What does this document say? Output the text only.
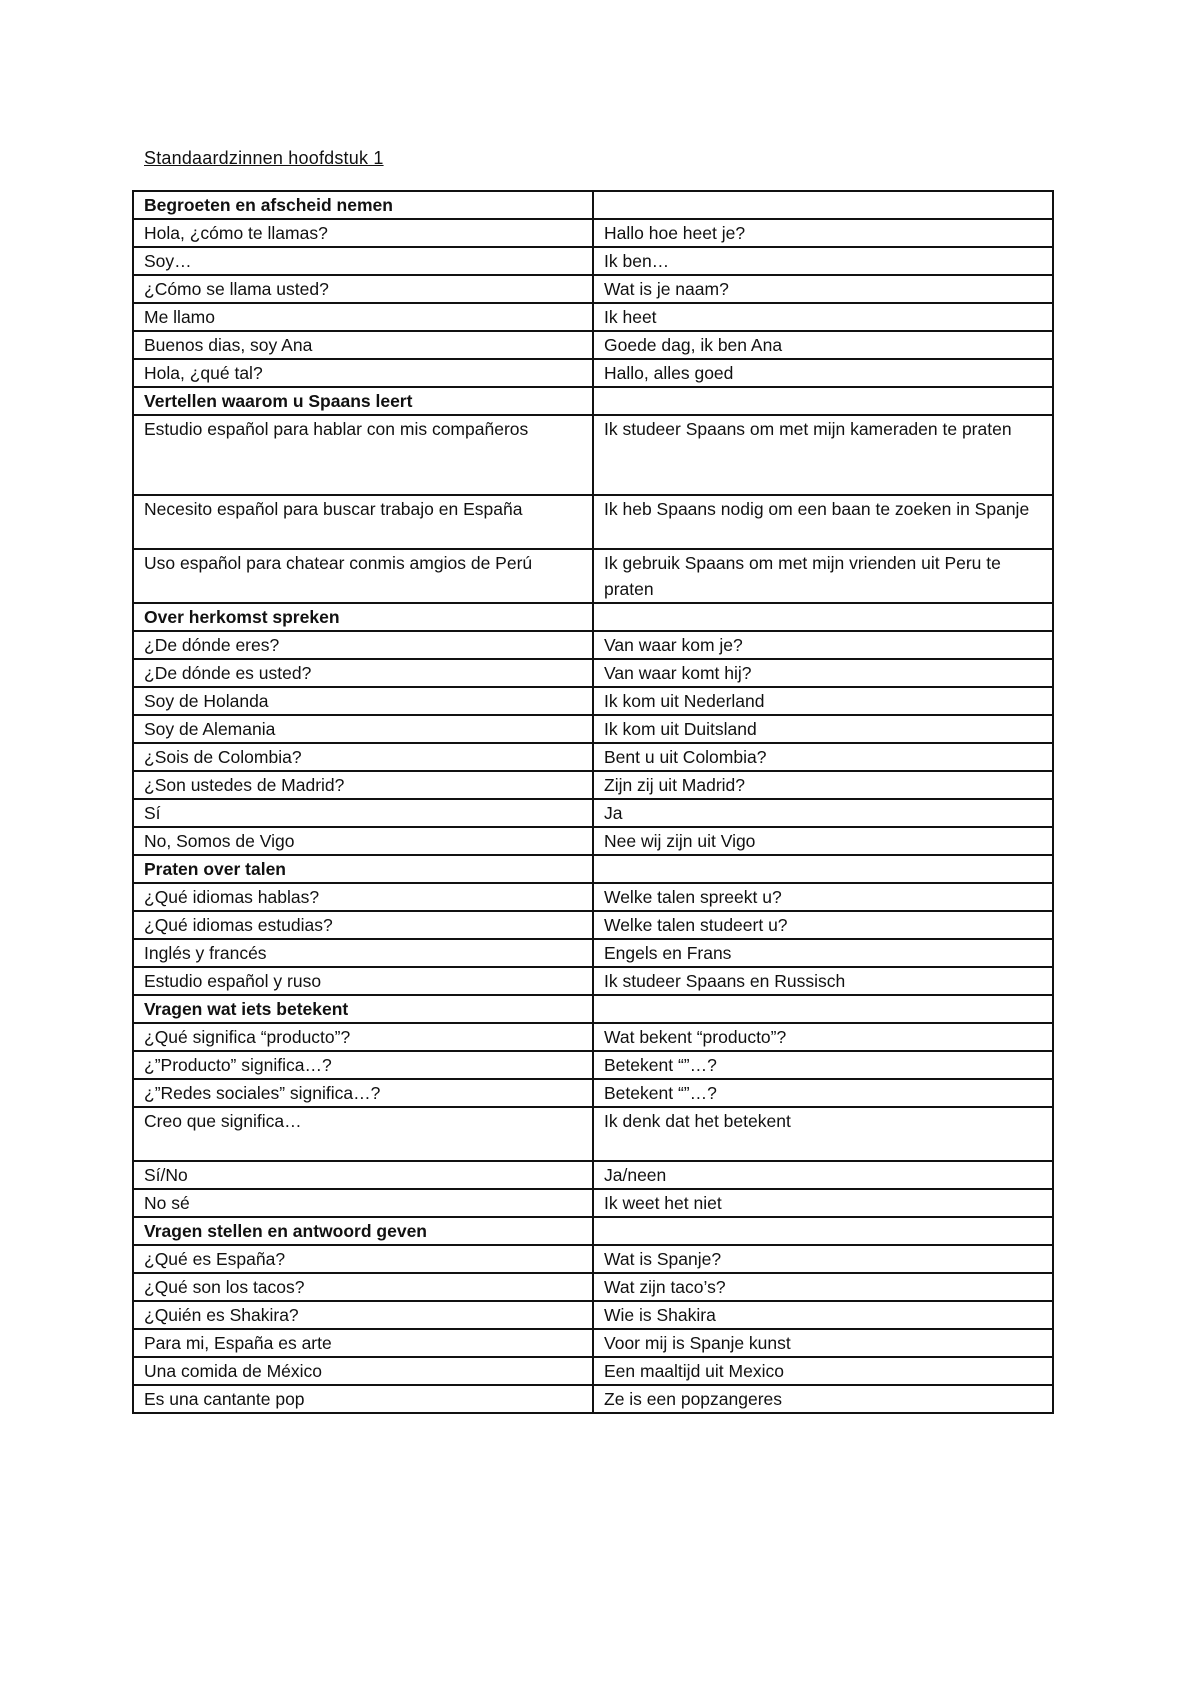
Standaardzinnen hoofdstuk 1
Begroeten en afscheid nemen	
Hola, ¿cómo te llamas?	Hallo hoe heet je?
Soy…	Ik ben…
¿Cómo se llama usted?	Wat is je naam?
Me llamo	Ik heet
Buenos dias, soy Ana	Goede dag, ik ben Ana
Hola, ¿qué tal?	Hallo, alles goed
Vertellen waarom u Spaans leert	
Estudio español para hablar con mis compañeros	Ik studeer Spaans om met mijn kameraden te praten
Necesito español para buscar trabajo en España	Ik heb Spaans nodig om een baan te zoeken in Spanje
Uso español para chatear conmis amgios de Perú	Ik gebruik Spaans om met mijn vrienden uit Peru te praten
Over herkomst spreken	
¿De dónde eres?	Van waar kom je?
¿De dónde es usted?	Van waar komt hij?
Soy de Holanda	Ik kom uit Nederland
Soy de Alemania	Ik kom uit Duitsland
¿Sois de Colombia?	Bent u uit Colombia?
¿Son ustedes de Madrid?	Zijn zij uit Madrid?
Sí	Ja
No, Somos de Vigo	Nee wij zijn uit Vigo
Praten over talen	
¿Qué idiomas hablas?	Welke talen spreekt u?
¿Qué idiomas estudias?	Welke talen studeert u?
Inglés y francés	Engels en Frans
Estudio español y ruso	Ik studeer Spaans en Russisch
Vragen wat iets betekent	
¿Qué significa “producto”?	Wat bekent “producto”?
¿”Producto” significa…?	Betekent “”…?
¿”Redes sociales” significa…?	Betekent “”…?
Creo que significa…	Ik denk dat het betekent
Sí/No	Ja/neen
No sé	Ik weet het niet
Vragen stellen en antwoord geven	
¿Qué es España?	Wat is Spanje?
¿Qué son los tacos?	Wat zijn taco’s?
¿Quién es Shakira?	Wie is Shakira
Para mi, España es arte	Voor mij is Spanje kunst
Una comida de México	Een maaltijd uit Mexico
Es una cantante pop	Ze is een popzangeres
